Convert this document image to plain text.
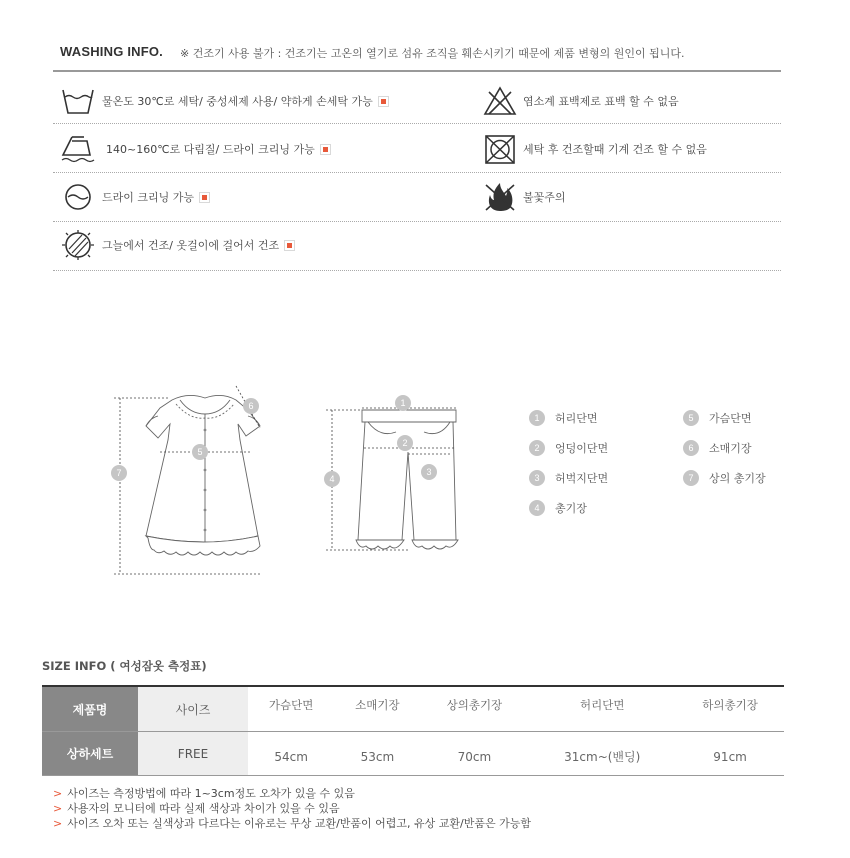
WASHING INFO. ※ 건조기 사용 불가 : 건조기는 고온의 열기로 섬유 조직을 훼손시키기 때문에 제품 변형의 원인이 됩니다.
물온도 30℃로 세탁/ 중성세제 사용/ 약하게 손세탁 가능	염소계 표백제로 표백 할 수 없음
140~160℃로 다림질/ 드라이 크리닝 가능	세탁 후 건조할때 기계 건조 할 수 없음
드라이 크리닝 가능	불꽃주의
그늘에서 건조/ 옷걸이에 걸어서 건조
6
5
7
1
2
3
4
1	허리단면	5	가슴단면
2	엉덩이단면	6	소매기장
3	허벅지단면	7	상의 총기장
4	총기장
SIZE INFO ( 여성잠옷 측정표)
제품명	사이즈	가슴단면	소매기장	상의총기장	허리단면	하의총기장
상하세트	FREE	54cm	53cm	70cm	31cm~(밴딩)	91cm
> 사이즈는 측정방법에 따라 1~3cm정도 오차가 있을 수 있음
> 사용자의 모니터에 따라 실제 색상과 차이가 있을 수 있음
> 사이즈 오차 또는 실색상과 다르다는 이유로는 무상 교환/반품이 어렵고, 유상 교환/반품은 가능함
